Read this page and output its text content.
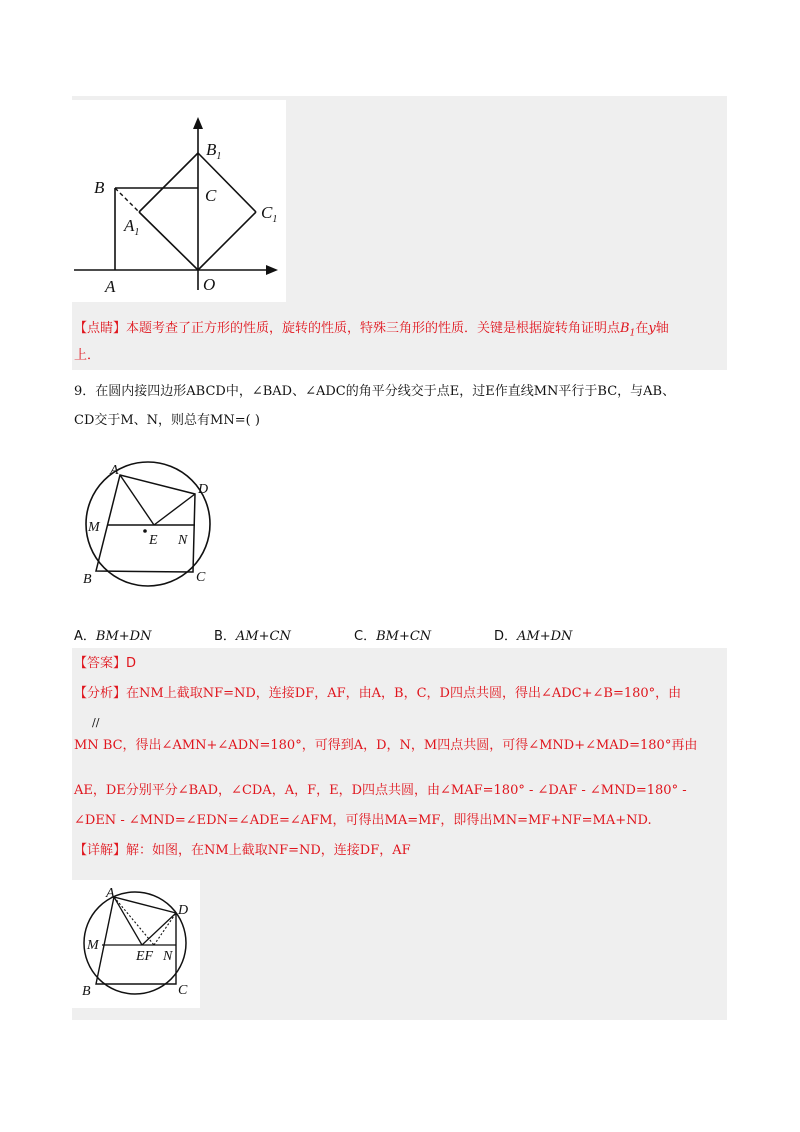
$B_1$
B	C
$A_1$
$C_1$
A	O
【点睛】本题考查了正方形的性质，旋转的性质，特殊三角形的性质．关键是根据旋转角证明点$B_1$在y轴
上．
9．在圆内接四边形ABCD中，∠BAD、∠ADC的角平分线交于点E，过E作直线MN平行于BC，与AB、
CD交于M、N，则总有MN=( )
A
D
M
E N
B	C
A．BM+DN	B．AM+CN	C．BM+CN	D．AM+DN
【答案】D
【分析】在NM上截取NF=ND，连接DF，AF，由A，B，C，D四点共圆，得出∠ADC+∠B=180°，由
//
MN BC，得出∠AMN+∠ADN=180°，可得到A，D，N，M四点共圆，可得∠MND+∠MAD=180°再由
AE，DE分别平分∠BAD，∠CDA，A，F，E，D四点共圆，由∠MAF=180° - ∠DAF - ∠MND=180° -
∠DEN - ∠MND=∠EDN=∠ADE=∠AFM，可得出MA=MF，即得出MN=MF+NF=MA+ND.
【详解】解：如图，在NM上截取NF=ND，连接DF，AF
A
D
M
EF N
B	C
